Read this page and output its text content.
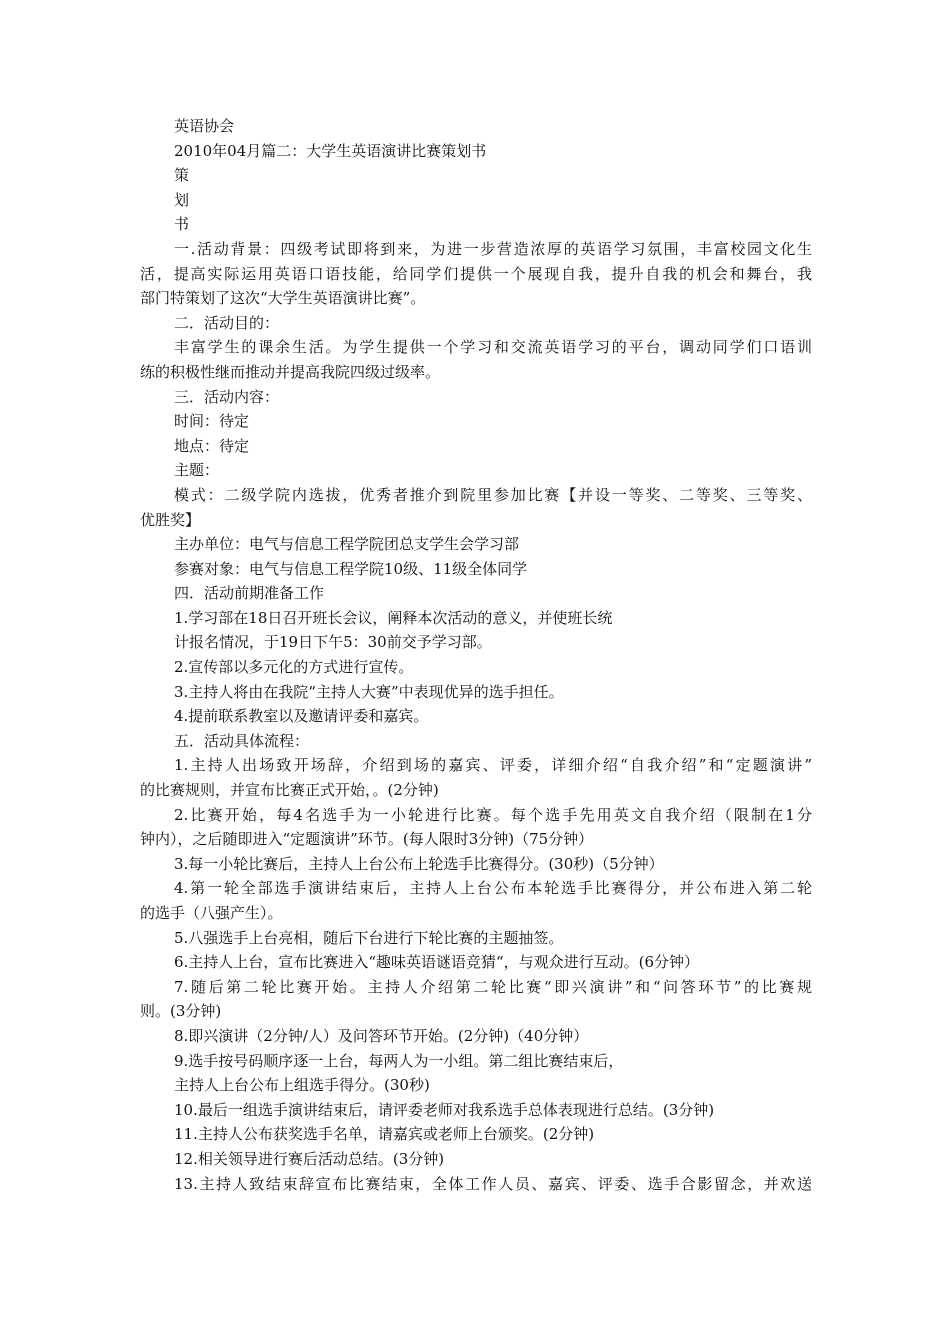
英语协会
2010年04月篇二：大学生英语演讲比赛策划书
策
划
书
一.活动背景：四级考试即将到来，为进一步营造浓厚的英语学习氛围，丰富校园文化生
活，提高实际运用英语口语技能，给同学们提供一个展现自我，提升自我的机会和舞台，我
部门特策划了这次“大学生英语演讲比赛”。
二．活动目的：
丰富学生的课余生活。为学生提供一个学习和交流英语学习的平台，调动同学们口语训
练的积极性继而推动并提高我院四级过级率。
三．活动内容：
时间：待定
地点：待定
主题：
模式：二级学院内选拔，优秀者推介到院里参加比赛【并设一等奖、二等奖、三等奖、
优胜奖】
主办单位：电气与信息工程学院团总支学生会学习部
参赛对象：电气与信息工程学院10级、11级全体同学
四．活动前期准备工作
1.学习部在18日召开班长会议，阐释本次活动的意义，并使班长统
计报名情况，于19日下午5：30前交予学习部。
2.宣传部以多元化的方式进行宣传。
3.主持人将由在我院“主持人大赛”中表现优异的选手担任。
4.提前联系教室以及邀请评委和嘉宾。
五．活动具体流程：
1.主持人出场致开场辞，介绍到场的嘉宾、评委，详细介绍“自我介绍”和“定题演讲”
的比赛规则，并宣布比赛正式开始，。(2分钟)
2.比赛开始，每4名选手为一小轮进行比赛。每个选手先用英文自我介绍（限制在1分
钟内），之后随即进入“定题演讲”环节。(每人限时3分钟)（75分钟）
3.每一小轮比赛后，主持人上台公布上轮选手比赛得分。(30秒)（5分钟）
4.第一轮全部选手演讲结束后，主持人上台公布本轮选手比赛得分，并公布进入第二轮
的选手（八强产生）。
5.八强选手上台亮相，随后下台进行下轮比赛的主题抽签。
6.主持人上台，宣布比赛进入“趣味英语谜语竞猜“，与观众进行互动。(6分钟）
7.随后第二轮比赛开始。主持人介绍第二轮比赛“即兴演讲”和“问答环节”的比赛规
则。(3分钟)
8.即兴演讲（2分钟/人）及问答环节开始。(2分钟)（40分钟）
9.选手按号码顺序逐一上台，每两人为一小组。第二组比赛结束后，
主持人上台公布上组选手得分。(30秒)
10.最后一组选手演讲结束后，请评委老师对我系选手总体表现进行总结。(3分钟)
11.主持人公布获奖选手名单，请嘉宾或老师上台颁奖。(2分钟)
12.相关领导进行赛后活动总结。(3分钟)
13.主持人致结束辞宣布比赛结束，全体工作人员、嘉宾、评委、选手合影留念，并欢送
